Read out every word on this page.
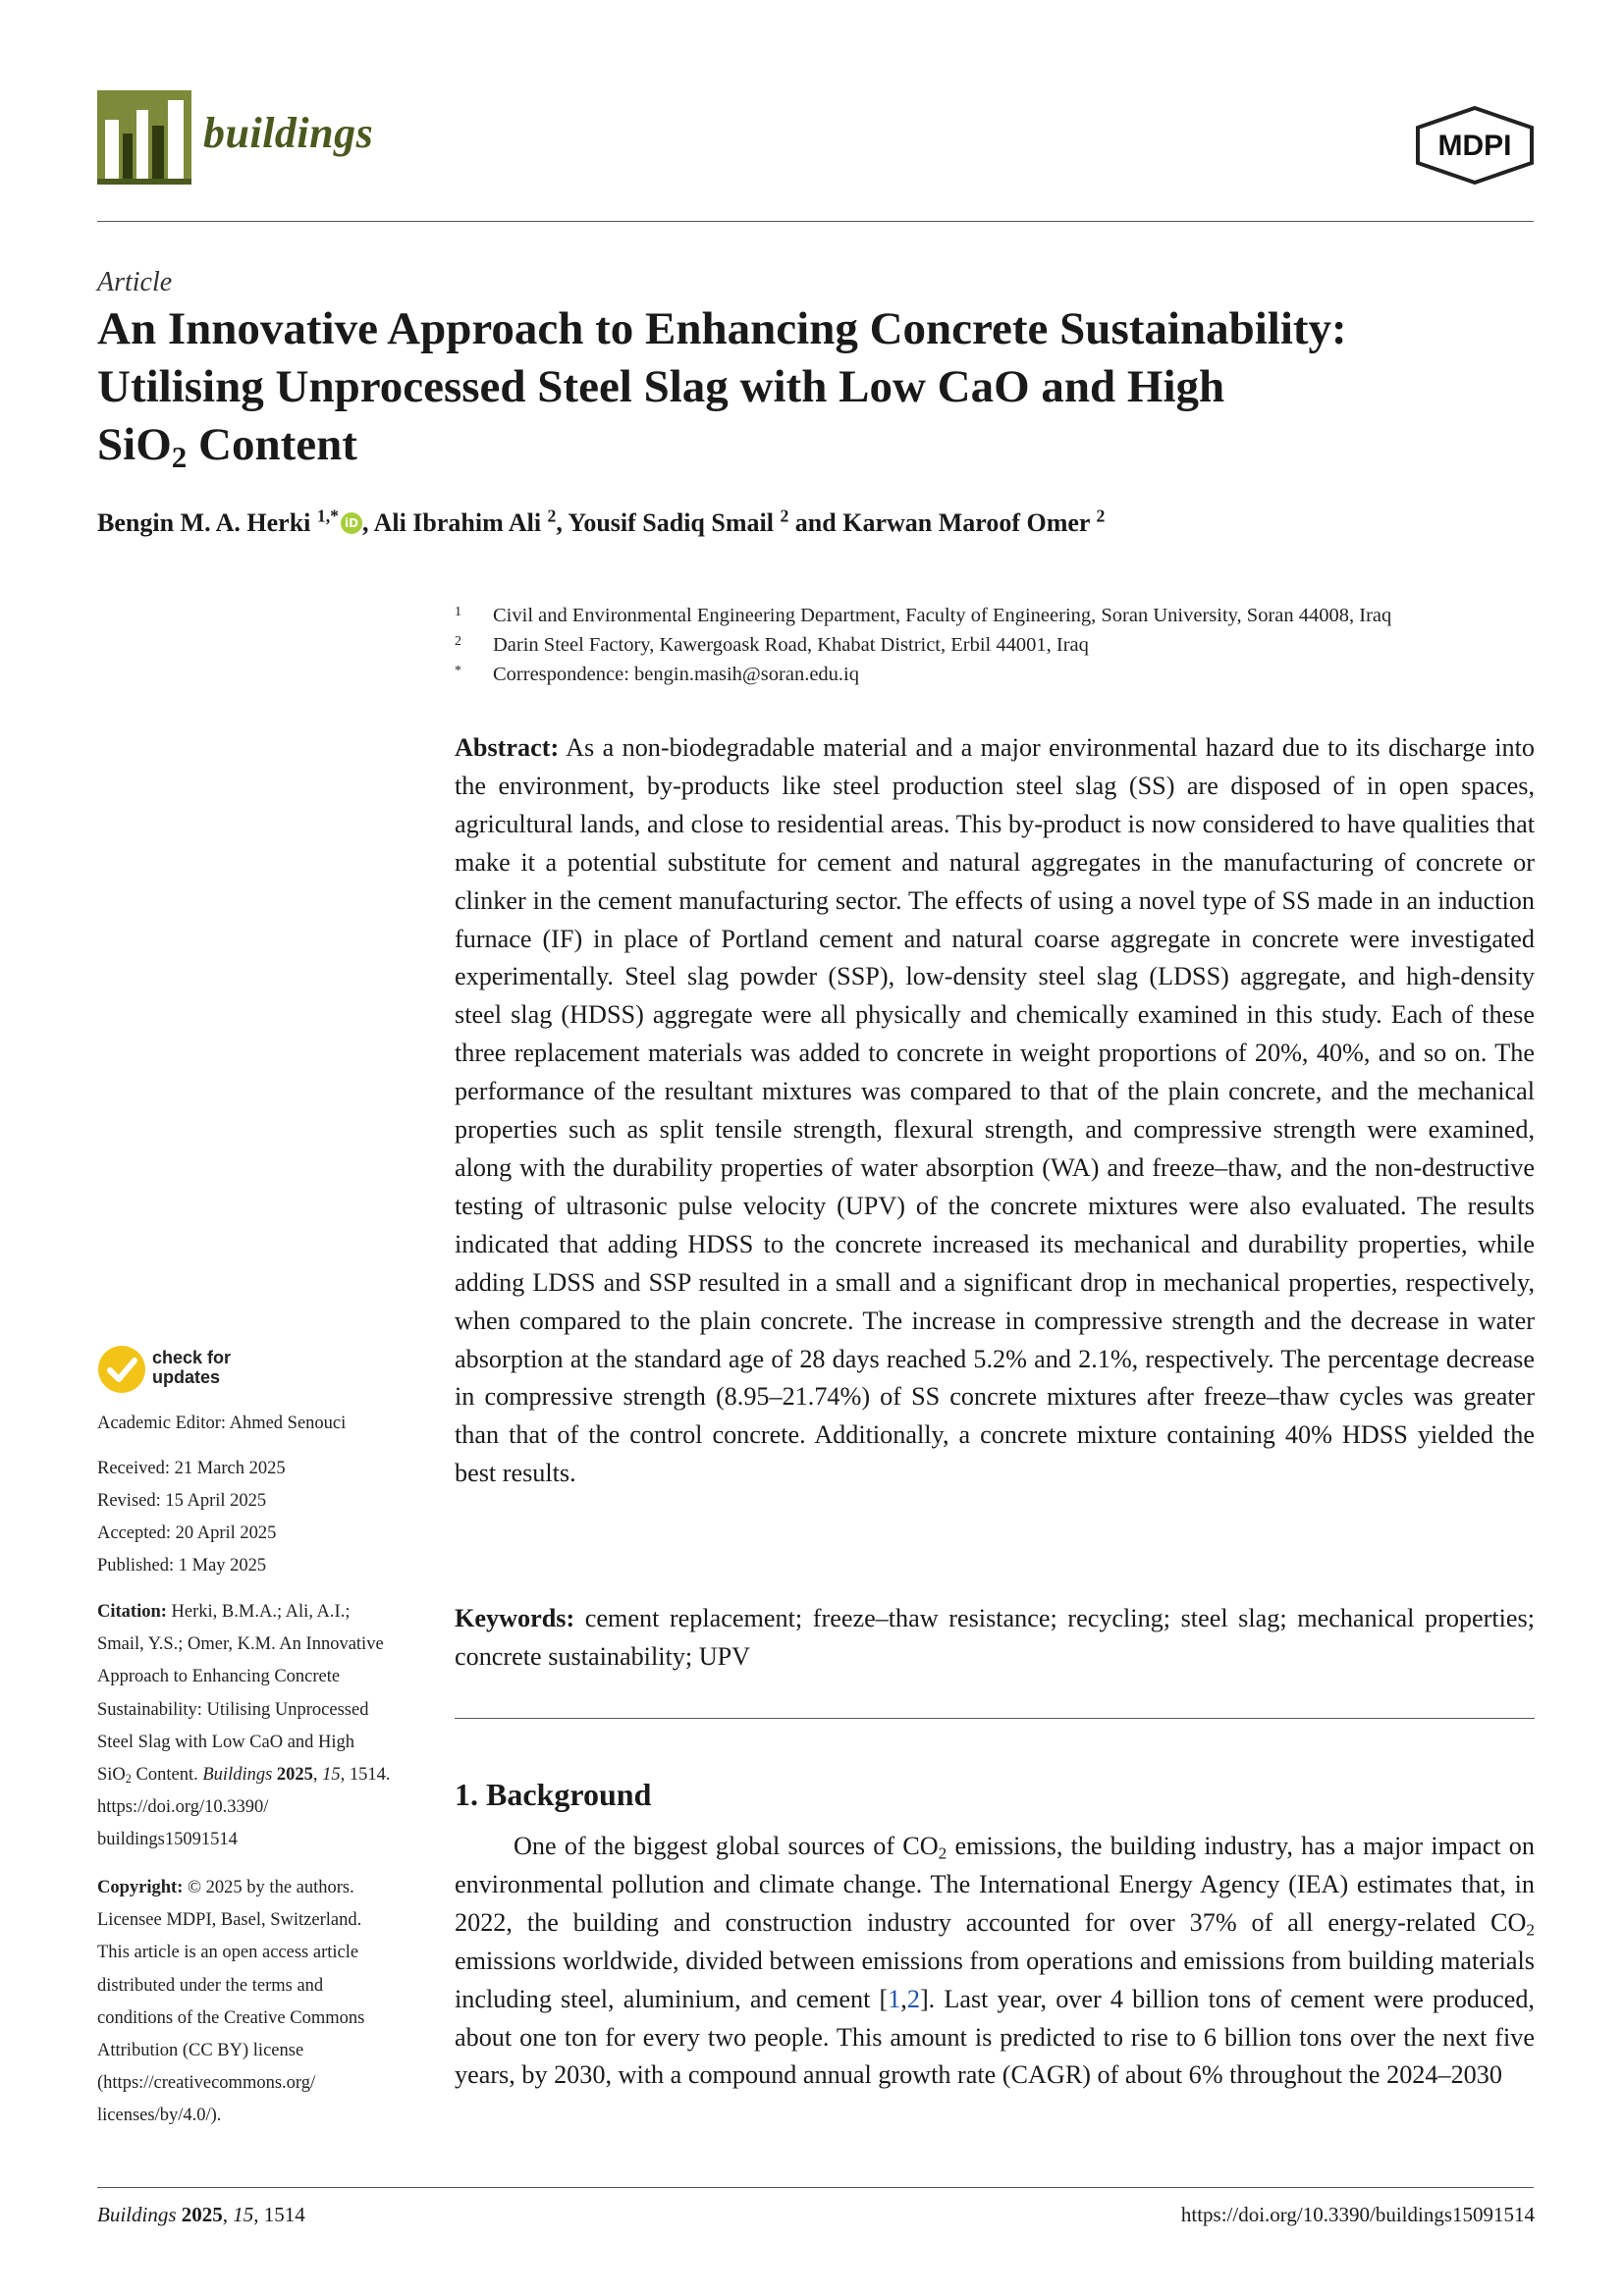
buildings	MDPI
Article
An Innovative Approach to Enhancing Concrete Sustainability:
Utilising Unprocessed Steel Slag with Low CaO and High
SiO$_2$ Content
Bengin M. A. Herki $^{1,*}$ iD , Ali Ibrahim Ali $^2$, Yousif Sadiq Smail $^2$ and Karwan Maroof Omer $^2$
1 Civil and Environmental Engineering Department, Faculty of Engineering, Soran University, Soran 44008, Iraq
2 Darin Steel Factory, Kawergoask Road, Khabat District, Erbil 44001, Iraq
* Correspondence: bengin.masih@soran.edu.iq
Abstract: As a non-biodegradable material and a major environmental hazard due to its discharge into the environment, by-products like steel production steel slag (SS) are disposed of in open spaces, agricultural lands, and close to residential areas. This by-product is now considered to have qualities that make it a potential substitute for cement and natural aggregates in the manufacturing of concrete or clinker in the cement manufacturing sector. The effects of using a novel type of SS made in an induction furnace (IF) in place of Portland cement and natural coarse aggregate in concrete were investigated experimentally. Steel slag powder (SSP), low-density steel slag (LDSS) aggregate, and high-density steel slag (HDSS) aggregate were all physically and chemically examined in this study. Each of these three replacement materials was added to concrete in weight proportions of 20%, 40%, and so on. The performance of the resultant mixtures was compared to that of the plain concrete, and the mechanical properties such as split tensile strength, flexural strength, and compressive strength were examined, along with the durability properties of water absorption (WA) and freeze–thaw, and the non-destructive testing of ultrasonic pulse velocity (UPV) of the concrete mixtures were also evaluated. The results indicated that adding HDSS to the concrete increased its mechanical and durability properties, while adding LDSS and SSP resulted in a small and a significant drop in mechanical properties, respectively, when compared to the plain concrete. The increase in compressive strength and the decrease in water absorption at the standard age of 28 days reached 5.2% and 2.1%, respectively. The percentage decrease in compressive strength (8.95–21.74%) of SS concrete mixtures after freeze–thaw cycles was greater than that of the control concrete. Additionally, a concrete mixture containing 40% HDSS yielded the best results.
Keywords: cement replacement; freeze–thaw resistance; recycling; steel slag; mechanical properties; concrete sustainability; UPV
1. Background
One of the biggest global sources of $CO_2$ emissions, the building industry, has a major impact on environmental pollution and climate change. The International Energy Agency (IEA) estimates that, in 2022, the building and construction industry accounted for over 37% of all energy-related $CO_2$ emissions worldwide, divided between emissions from operations and emissions from building materials including steel, aluminium, and cement [1,2]. Last year, over 4 billion tons of cement were produced, about one ton for every two people. This amount is predicted to rise to 6 billion tons over the next five years, by 2030, with a compound annual growth rate (CAGR) of about 6% throughout the 2024–2030
check for
updates
Academic Editor: Ahmed Senouci
Received: 21 March 2025
Revised: 15 April 2025
Accepted: 20 April 2025
Published: 1 May 2025
Citation: Herki, B.M.A.; Ali, A.I.;
Smail, Y.S.; Omer, K.M. An Innovative
Approach to Enhancing Concrete
Sustainability: Utilising Unprocessed
Steel Slag with Low CaO and High
SiO$_2$ Content. Buildings 2025, 15, 1514.
https://doi.org/10.3390/
buildings15091514
Copyright: © 2025 by the authors.
Licensee MDPI, Basel, Switzerland.
This article is an open access article
distributed under the terms and
conditions of the Creative Commons
Attribution (CC BY) license
(https://creativecommons.org/
licenses/by/4.0/).
Buildings 2025, 15, 1514	https://doi.org/10.3390/buildings15091514
